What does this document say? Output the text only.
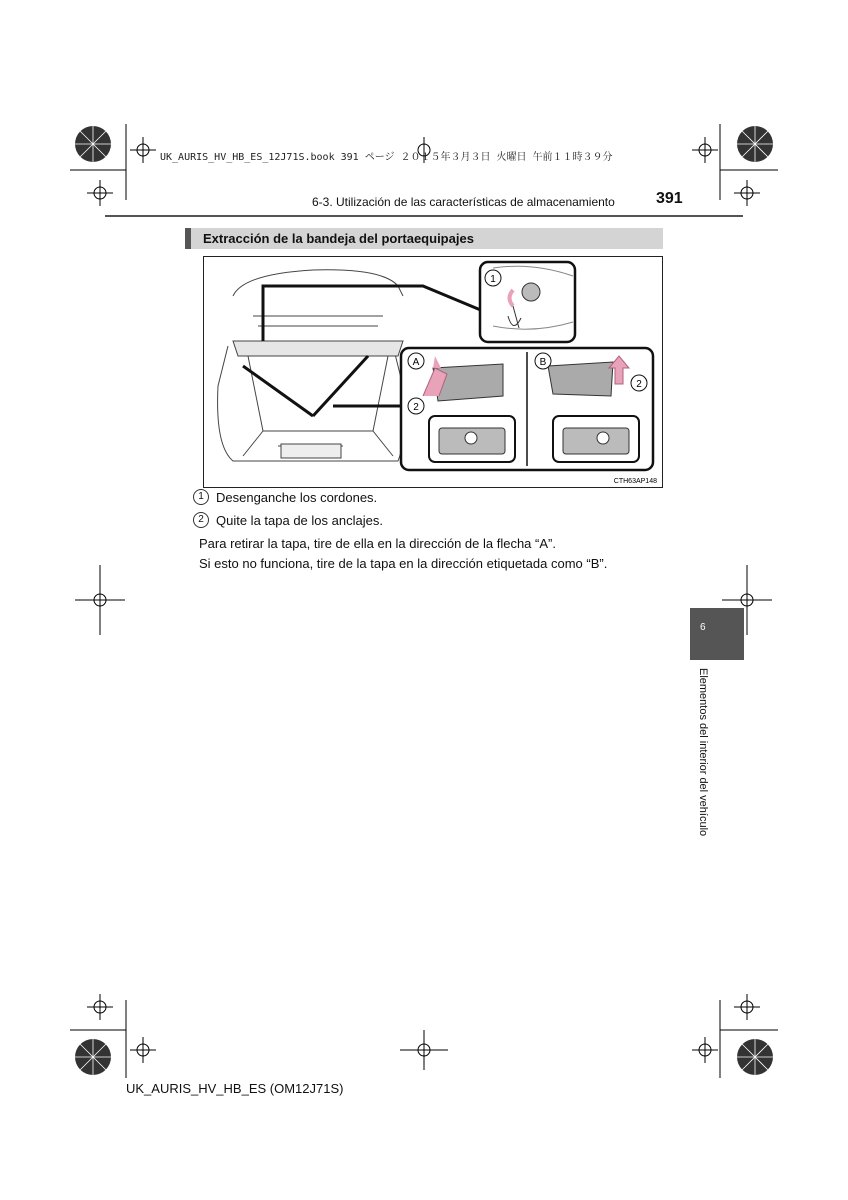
UK_AURIS_HV_HB_ES_12J71S.book 391 ページ ２０１５年３月３日 火曜日 午前１１時３９分
6-3. Utilización de las características de almacenamiento	391
Extracción de la bandeja del portaequipajes
1
A	B
2
2
CTH63AP148
1 Desenganche los cordones.
2 Quite la tapa de los anclajes.
Para retirar la tapa, tire de ella en la dirección de la flecha “A”.
Si esto no funciona, tire de la tapa en la dirección etiquetada como “B”.
6
Elementos del interior del vehículo
UK_AURIS_HV_HB_ES (OM12J71S)
